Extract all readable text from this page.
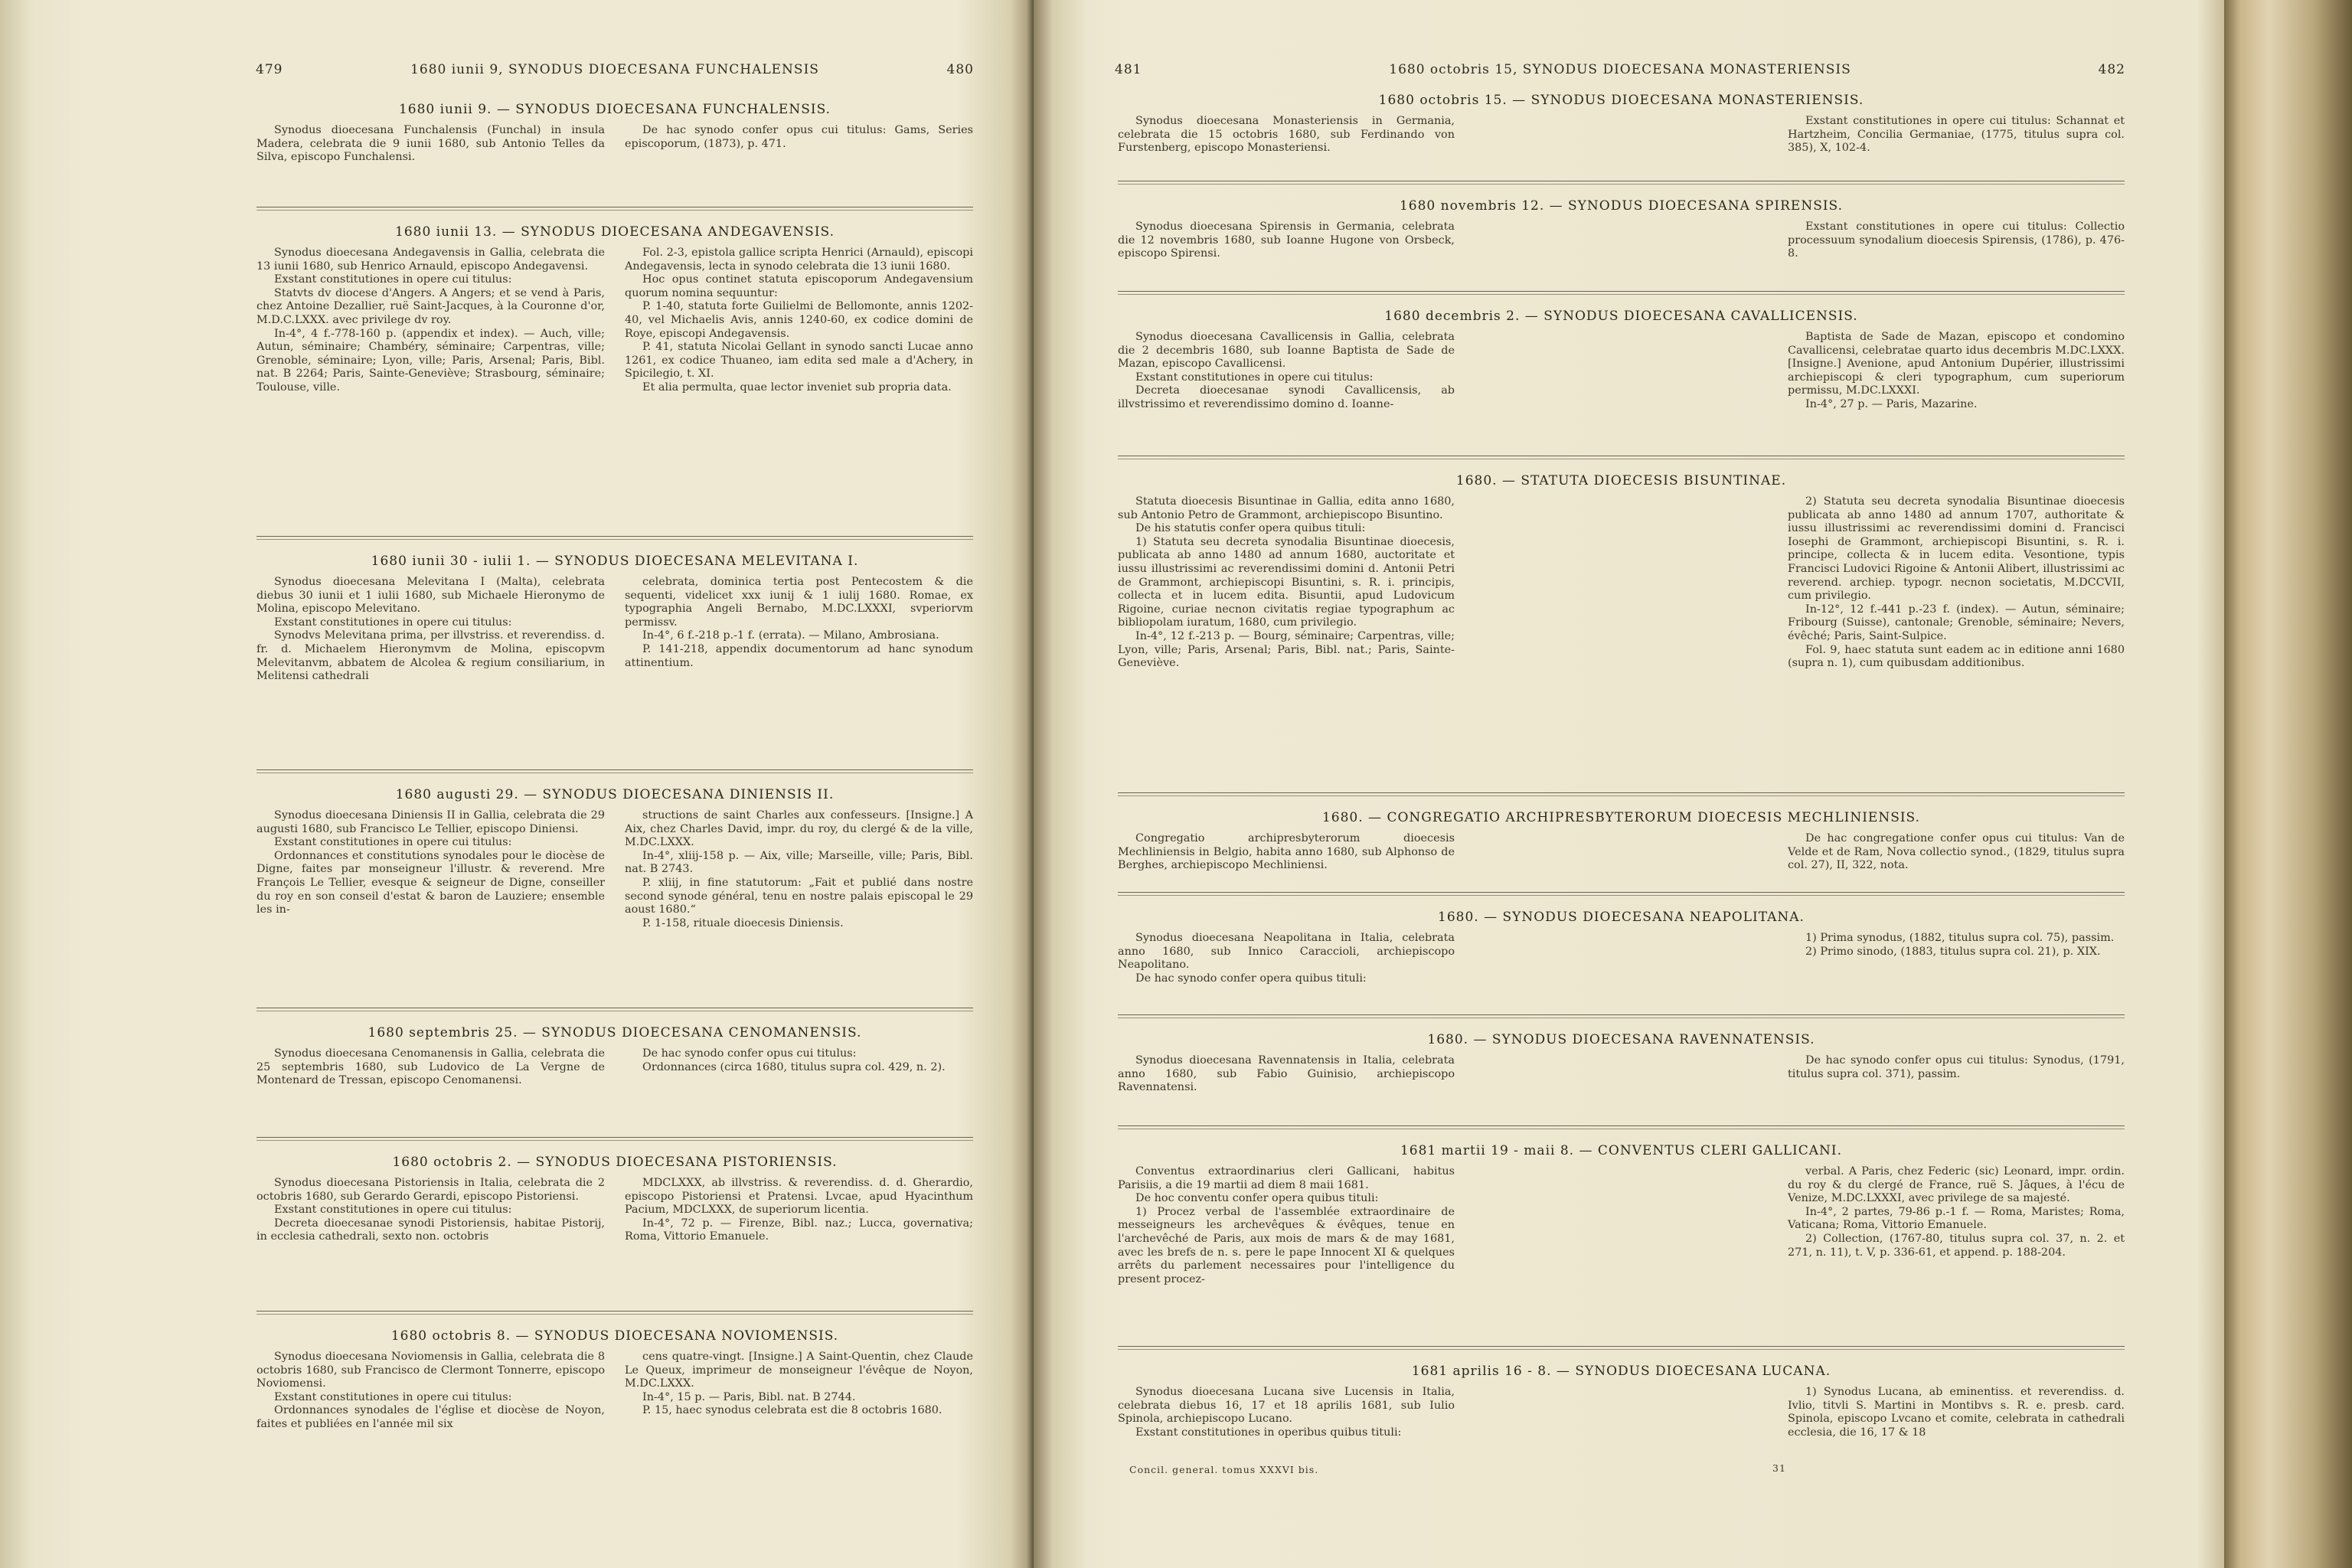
479	1680 iunii 9, SYNODUS DIOECESANA FUNCHALENSIS	480
1680 iunii 9. — SYNODUS DIOECESANA FUNCHALENSIS.

Synodus dioecesana Funchalensis (Funchal) in insula Madera, celebrata die 9 iunii 1680, sub Antonio Telles da Silva, episcopo Funchalensi.

De hac synodo confer opus cui titulus: Gams, Series episcoporum, (1873), p. 471.

1680 iunii 13. — SYNODUS DIOECESANA ANDEGAVENSIS.

Synodus dioecesana Andegavensis in Gallia, celebrata die 13 iunii 1680, sub Henrico Arnauld, episcopo Andegavensi.

Exstant constitutiones in opere cui titulus:

Statvts dv diocese d'Angers. A Angers; et se vend à Paris, chez Antoine Dezallier, ruë Saint-Jacques, à la Couronne d'or, M.D.C.LXXX. avec privilege dv roy.

In-4°, 4 f.-778-160 p. (appendix et index). — Auch, ville; Autun, séminaire; Chambéry, séminaire; Carpentras, ville; Grenoble, séminaire; Lyon, ville; Paris, Arsenal; Paris, Bibl. nat. B 2264; Paris, Sainte-Geneviève; Strasbourg, séminaire; Toulouse, ville.

Fol. 2-3, epistola gallice scripta Henrici (Arnauld), episcopi Andegavensis, lecta in synodo celebrata die 13 iunii 1680.

Hoc opus continet statuta episcoporum Andegavensium quorum nomina sequuntur:

P. 1-40, statuta forte Guilielmi de Bellomonte, annis 1202-40, vel Michaelis Avis, annis 1240-60, ex codice domini de Roye, episcopi Andegavensis.

P. 41, statuta Nicolai Gellant in synodo sancti Lucae anno 1261, ex codice Thuaneo, iam edita sed male a d'Achery, in Spicilegio, t. XI.

Et alia permulta, quae lector inveniet sub propria data.

1680 iunii 30 - iulii 1. — SYNODUS DIOECESANA MELEVITANA I.

Synodus dioecesana Melevitana I (Malta), celebrata diebus 30 iunii et 1 iulii 1680, sub Michaele Hieronymo de Molina, episcopo Melevitano.

Exstant constitutiones in opere cui titulus:

Synodvs Melevitana prima, per illvstriss. et reverendiss. d. fr. d. Michaelem Hieronymvm de Molina, episcopvm Melevitanvm, abbatem de Alcolea & regium consiliarium, in Melitensi cathedrali

celebrata, dominica tertia post Pentecostem & die sequenti, videlicet xxx iunij & 1 iulij 1680. Romae, ex typographia Angeli Bernabo, M.DC.LXXXI, svperiorvm permissv.

In-4°, 6 f.-218 p.-1 f. (errata). — Milano, Ambrosiana.

P. 141-218, appendix documentorum ad hanc synodum attinentium.

1680 augusti 29. — SYNODUS DIOECESANA DINIENSIS II.

Synodus dioecesana Diniensis II in Gallia, celebrata die 29 augusti 1680, sub Francisco Le Tellier, episcopo Diniensi.

Exstant constitutiones in opere cui titulus:

Ordonnances et constitutions synodales pour le diocèse de Digne, faites par monseigneur l'illustr. & reverend. Mre François Le Tellier, evesque & seigneur de Digne, conseiller du roy en son conseil d'estat & baron de Lauziere; ensemble les in-

structions de saint Charles aux confesseurs. [Insigne.] A Aix, chez Charles David, impr. du roy, du clergé & de la ville, M.DC.LXXX.

In-4°, xliij-158 p. — Aix, ville; Marseille, ville; Paris, Bibl. nat. B 2743.

P. xliij, in fine statutorum: „Fait et publié dans nostre second synode général, tenu en nostre palais episcopal le 29 aoust 1680.“

P. 1-158, rituale dioecesis Diniensis.

1680 septembris 25. — SYNODUS DIOECESANA CENOMANENSIS.

Synodus dioecesana Cenomanensis in Gallia, celebrata die 25 septembris 1680, sub Ludovico de La Vergne de Montenard de Tressan, episcopo Cenomanensi.

De hac synodo confer opus cui titulus:

Ordonnances (circa 1680, titulus supra col. 429, n. 2).

1680 octobris 2. — SYNODUS DIOECESANA PISTORIENSIS.

Synodus dioecesana Pistoriensis in Italia, celebrata die 2 octobris 1680, sub Gerardo Gerardi, episcopo Pistoriensi.

Exstant constitutiones in opere cui titulus:

Decreta dioecesanae synodi Pistoriensis, habitae Pistorij, in ecclesia cathedrali, sexto non. octobris

MDCLXXX, ab illvstriss. & reverendiss. d. d. Gherardio, episcopo Pistoriensi et Pratensi. Lvcae, apud Hyacinthum Pacium, MDCLXXX, de superiorum licentia.

In-4°, 72 p. — Firenze, Bibl. naz.; Lucca, governativa; Roma, Vittorio Emanuele.

1680 octobris 8. — SYNODUS DIOECESANA NOVIOMENSIS.

Synodus dioecesana Noviomensis in Gallia, celebrata die 8 octobris 1680, sub Francisco de Clermont Tonnerre, episcopo Noviomensi.

Exstant constitutiones in opere cui titulus:

Ordonnances synodales de l'église et diocèse de Noyon, faites et publiées en l'année mil six

cens quatre-vingt. [Insigne.] A Saint-Quentin, chez Claude Le Queux, imprimeur de monseigneur l'évêque de Noyon, M.DC.LXXX.

In-4°, 15 p. — Paris, Bibl. nat. B 2744.

P. 15, haec synodus celebrata est die 8 octobris 1680.

481	1680 octobris 15, SYNODUS DIOECESANA MONASTERIENSIS	482
1680 octobris 15. — SYNODUS DIOECESANA MONASTERIENSIS.

Synodus dioecesana Monasteriensis in Germania, celebrata die 15 octobris 1680, sub Ferdinando von Furstenberg, episcopo Monasteriensi.

Exstant constitutiones in opere cui titulus: Schannat et Hartzheim, Concilia Germaniae, (1775, titulus supra col. 385), X, 102-4.

1680 novembris 12. — SYNODUS DIOECESANA SPIRENSIS.

Synodus dioecesana Spirensis in Germania, celebrata die 12 novembris 1680, sub Ioanne Hugone von Orsbeck, episcopo Spirensi.

Exstant constitutiones in opere cui titulus: Collectio processuum synodalium dioecesis Spirensis, (1786), p. 476-8.

1680 decembris 2. — SYNODUS DIOECESANA CAVALLICENSIS.

Synodus dioecesana Cavallicensis in Gallia, celebrata die 2 decembris 1680, sub Ioanne Baptista de Sade de Mazan, episcopo Cavallicensi.

Exstant constitutiones in opere cui titulus:

Decreta dioecesanae synodi Cavallicensis, ab illvstrissimo et reverendissimo domino d. Ioanne-

Baptista de Sade de Mazan, episcopo et condomino Cavallicensi, celebratae quarto idus decembris M.DC.LXXX. [Insigne.] Avenione, apud Antonium Dupérier, illustrissimi archiepiscopi & cleri typographum, cum superiorum permissu, M.DC.LXXXI.

In-4°, 27 p. — Paris, Mazarine.

1680. — STATUTA DIOECESIS BISUNTINAE.

Statuta dioecesis Bisuntinae in Gallia, edita anno 1680, sub Antonio Petro de Grammont, archiepiscopo Bisuntino.

De his statutis confer opera quibus tituli:

1) Statuta seu decreta synodalia Bisuntinae dioecesis, publicata ab anno 1480 ad annum 1680, auctoritate et iussu illustrissimi ac reverendissimi domini d. Antonii Petri de Grammont, archiepiscopi Bisuntini, s. R. i. principis, collecta et in lucem edita. Bisuntii, apud Ludovicum Rigoine, curiae necnon civitatis regiae typographum ac bibliopolam iuratum, 1680, cum privilegio.

In-4°, 12 f.-213 p. — Bourg, séminaire; Carpentras, ville; Lyon, ville; Paris, Arsenal; Paris, Bibl. nat.; Paris, Sainte-Geneviève.

2) Statuta seu decreta synodalia Bisuntinae dioecesis publicata ab anno 1480 ad annum 1707, authoritate & iussu illustrissimi ac reverendissimi domini d. Francisci Iosephi de Grammont, archiepiscopi Bisuntini, s. R. i. principe, collecta & in lucem edita. Vesontione, typis Francisci Ludovici Rigoine & Antonii Alibert, illustrissimi ac reverend. archiep. typogr. necnon societatis, M.DCCVII, cum privilegio.

In-12°, 12 f.-441 p.-23 f. (index). — Autun, séminaire; Fribourg (Suisse), cantonale; Grenoble, séminaire; Nevers, évêché; Paris, Saint-Sulpice.

Fol. 9, haec statuta sunt eadem ac in editione anni 1680 (supra n. 1), cum quibusdam additionibus.

1680. — CONGREGATIO ARCHIPRESBYTERORUM DIOECESIS MECHLINIENSIS.

Congregatio archipresbyterorum dioecesis Mechliniensis in Belgio, habita anno 1680, sub Alphonso de Berghes, archiepiscopo Mechliniensi.

De hac congregatione confer opus cui titulus: Van de Velde et de Ram, Nova collectio synod., (1829, titulus supra col. 27), II, 322, nota.

1680. — SYNODUS DIOECESANA NEAPOLITANA.

Synodus dioecesana Neapolitana in Italia, celebrata anno 1680, sub Innico Caraccioli, archiepiscopo Neapolitano.

De hac synodo confer opera quibus tituli:

1) Prima synodus, (1882, titulus supra col. 75), passim.

2) Primo sinodo, (1883, titulus supra col. 21), p. XIX.

1680. — SYNODUS DIOECESANA RAVENNATENSIS.

Synodus dioecesana Ravennatensis in Italia, celebrata anno 1680, sub Fabio Guinisio, archiepiscopo Ravennatensi.

De hac synodo confer opus cui titulus: Synodus, (1791, titulus supra col. 371), passim.

1681 martii 19 - maii 8. — CONVENTUS CLERI GALLICANI.

Conventus extraordinarius cleri Gallicani, habitus Parisiis, a die 19 martii ad diem 8 maii 1681.

De hoc conventu confer opera quibus tituli:

1) Procez verbal de l'assemblée extraordinaire de messeigneurs les archevêques & évêques, tenue en l'archevêché de Paris, aux mois de mars & de may 1681, avec les brefs de n. s. pere le pape Innocent XI & quelques arrêts du parlement necessaires pour l'intelligence du present procez-

verbal. A Paris, chez Federic (sic) Leonard, impr. ordin. du roy & du clergé de France, ruë S. Jâques, à l'écu de Venize, M.DC.LXXXI, avec privilege de sa majesté.

In-4°, 2 partes, 79-86 p.-1 f. — Roma, Maristes; Roma, Vaticana; Roma, Vittorio Emanuele.

2) Collection, (1767-80, titulus supra col. 37, n. 2. et 271, n. 11), t. V, p. 336-61, et append. p. 188-204.

1681 aprilis 16 - 8. — SYNODUS DIOECESANA LUCANA.

Synodus dioecesana Lucana sive Lucensis in Italia, celebrata diebus 16, 17 et 18 aprilis 1681, sub Iulio Spinola, archiepiscopo Lucano.

Exstant constitutiones in operibus quibus tituli:

1) Synodus Lucana, ab eminentiss. et reverendiss. d. Ivlio, titvli S. Martini in Montibvs s. R. e. presb. card. Spinola, episcopo Lvcano et comite, celebrata in cathedrali ecclesia, die 16, 17 & 18

Concil. general. tomus XXXVI bis.	31
